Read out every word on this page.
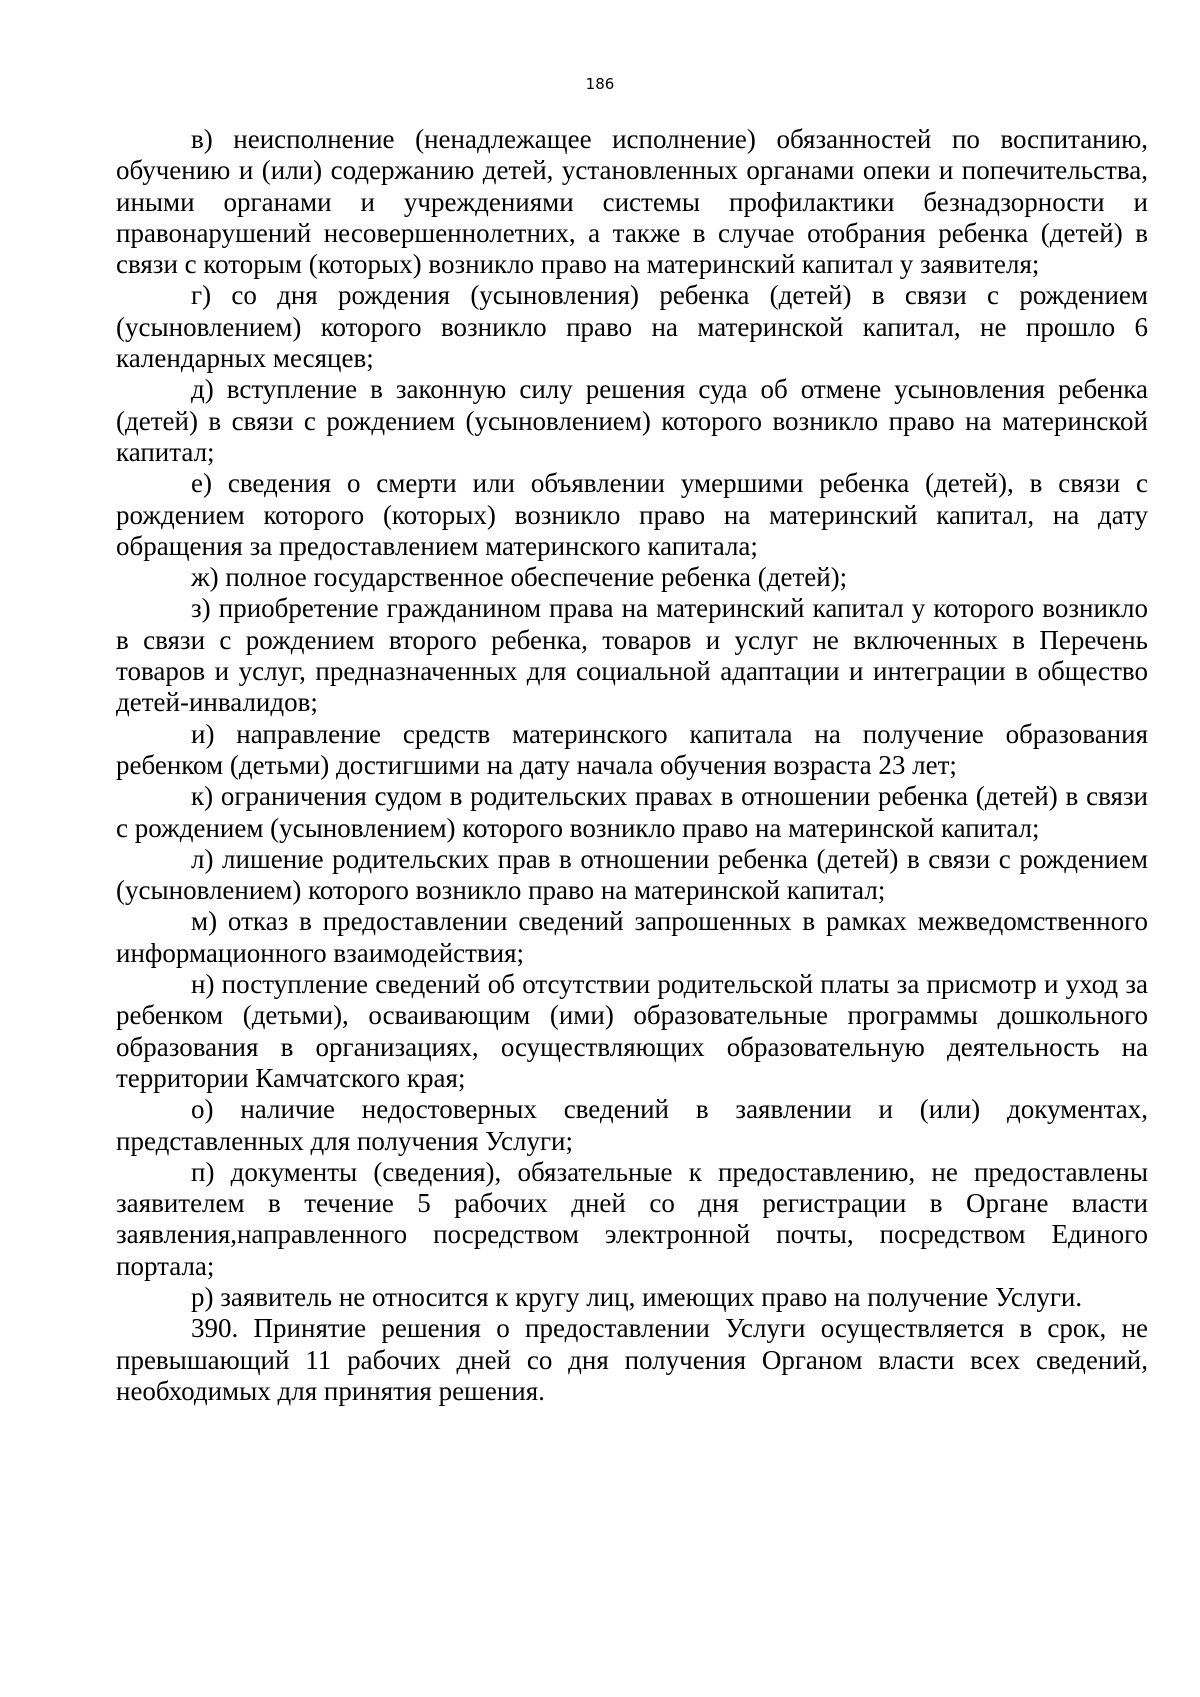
186

в) неисполнение (ненадлежащее исполнение) обязанностей по воспитанию, обучению и (или) содержанию детей, установленных органами опеки и попечительства, иными органами и учреждениями системы профилактики безнадзорности и правонарушений несовершеннолетних, а также в случае отобрания ребенка (детей) в связи с которым (которых) возникло право на материнский капитал у заявителя;

г) со дня рождения (усыновления) ребенка (детей) в связи с рождением (усыновлением) которого возникло право на материнской капитал, не прошло 6 календарных месяцев;

д) вступление в законную силу решения суда об отмене усыновления ребенка (детей) в связи с рождением (усыновлением) которого возникло право на материнской капитал;

е) сведения о смерти или объявлении умершими ребенка (детей), в связи с рождением которого (которых) возникло право на материнский капитал, на дату обращения за предоставлением материнского капитала;

ж) полное государственное обеспечение ребенка (детей);

з) приобретение гражданином права на материнский капитал у которого возникло в связи с рождением второго ребенка, товаров и услуг не включенных в Перечень товаров и услуг, предназначенных для социальной адаптации и интеграции в общество детей-инвалидов;

и) направление средств материнского капитала на получение образования ребенком (детьми) достигшими на дату начала обучения возраста 23 лет;

к) ограничения судом в родительских правах в отношении ребенка (детей) в связи с рождением (усыновлением) которого возникло право на материнской капитал;

л) лишение родительских прав в отношении ребенка (детей) в связи с рождением (усыновлением) которого возникло право на материнской капитал;

м) отказ в предоставлении сведений запрошенных в рамках межведомственного информационного взаимодействия;

н) поступление сведений об отсутствии родительской платы за присмотр и уход за ребенком (детьми), осваивающим (ими) образовательные программы дошкольного образования в организациях, осуществляющих образовательную деятельность на территории Камчатского края;

о) наличие недостоверных сведений в заявлении и (или) документах, представленных для получения Услуги;

п) документы (сведения), обязательные к предоставлению, не предоставлены заявителем в течение 5 рабочих дней со дня регистрации в Органе власти заявления,направленного посредством электронной почты, посредством Единого портала;

р) заявитель не относится к кругу лиц, имеющих право на получение Услуги.

390. Принятие решения о предоставлении Услуги осуществляется в срок, не превышающий 11 рабочих дней со дня получения Органом власти всех сведений, необходимых для принятия решения.
